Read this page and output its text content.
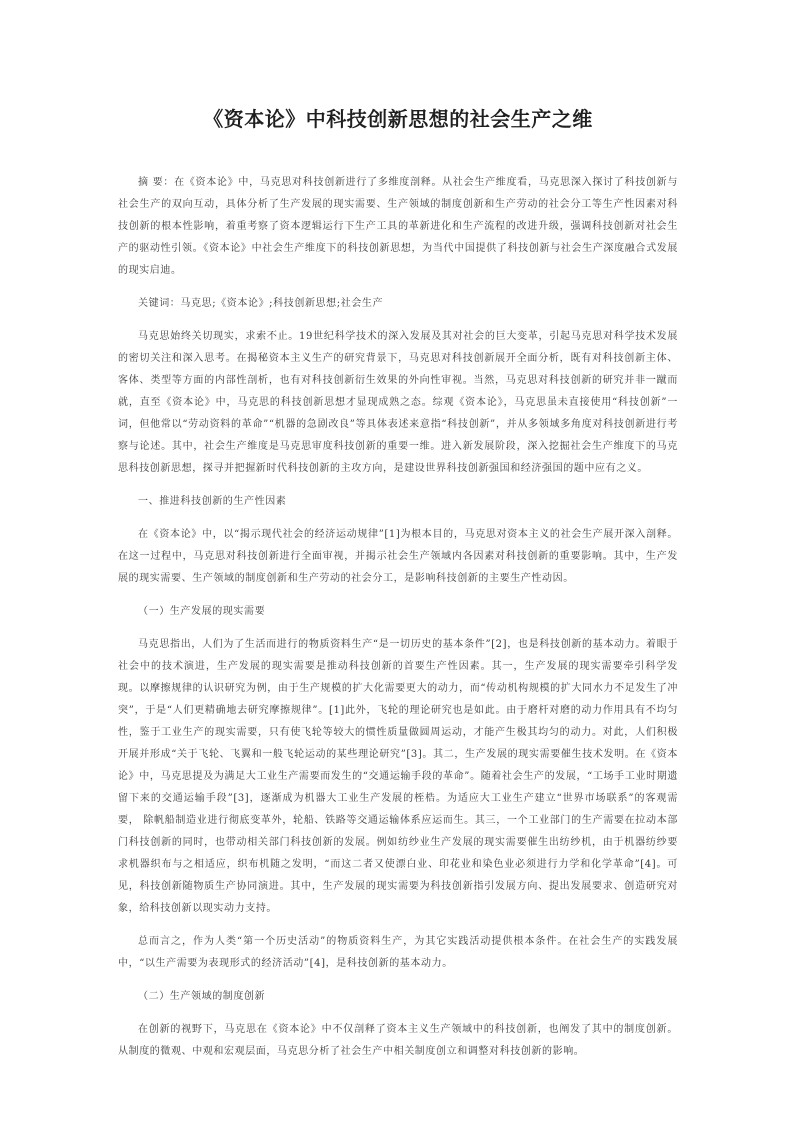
《资本论》中科技创新思想的社会生产之维

摘 要：在《资本论》中，马克思对科技创新进行了多维度剖释。从社会生产维度看，马克思深入探讨了科技创新与社会生产的双向互动，具体分析了生产发展的现实需要、生产领域的制度创新和生产劳动的社会分工等生产性因素对科技创新的根本性影响，着重考察了资本逻辑运行下生产工具的革新进化和生产流程的改进升级，强调科技创新对社会生产的驱动性引领。《资本论》中社会生产维度下的科技创新思想，为当代中国提供了科技创新与社会生产深度融合式发展的现实启迪。

关键词：马克思;《资本论》;科技创新思想;社会生产

马克思始终关切现实，求索不止。19世纪科学技术的深入发展及其对社会的巨大变革，引起马克思对科学技术发展的密切关注和深入思考。在揭秘资本主义生产的研究背景下，马克思对科技创新展开全面分析，既有对科技创新主体、客体、类型等方面的内部性剖析，也有对科技创新衍生效果的外向性审视。当然，马克思对科技创新的研究并非一蹴而就，直至《资本论》中，马克思的科技创新思想才显现成熟之态。综观《资本论》，马克思虽未直接使用“科技创新”一词，但他常以“劳动资料的革命”“机器的急剧改良”等具体表述来意指“科技创新”，并从多领域多角度对科技创新进行考察与论述。其中，社会生产维度是马克思审度科技创新的重要一维。进入新发展阶段，深入挖掘社会生产维度下的马克思科技创新思想，探寻并把握新时代科技创新的主攻方向，是建设世界科技创新强国和经济强国的题中应有之义。

一、推进科技创新的生产性因素

在《资本论》中，以“揭示现代社会的经济运动规律”[1]为根本目的，马克思对资本主义的社会生产展开深入剖释。在这一过程中，马克思对科技创新进行全面审视，并揭示社会生产领域内各因素对科技创新的重要影响。其中，生产发展的现实需要、生产领域的制度创新和生产劳动的社会分工，是影响科技创新的主要生产性动因。

（一）生产发展的现实需要

马克思指出，人们为了生活而进行的物质资料生产“是一切历史的基本条件”[2]，也是科技创新的基本动力。着眼于社会中的技术演进，生产发展的现实需要是推动科技创新的首要生产性因素。其一，生产发展的现实需要牵引科学发现。以摩擦规律的认识研究为例，由于生产规模的扩大化需要更大的动力，而“传动机构规模的扩大同水力不足发生了冲突”，于是“人们更精确地去研究摩擦规律”。[1]此外，飞轮的理论研究也是如此。由于磨杆对磨的动力作用具有不均匀性，鉴于工业生产的现实需要，只有使飞轮等较大的惯性质量做圆周运动，才能产生极其均匀的动力。对此，人们积极开展并形成“关于飞轮、飞翼和一般飞轮运动的某些理论研究”[3]。其二，生产发展的现实需要催生技术发明。在《资本论》中，马克思提及为满足大工业生产需要而发生的“交通运输手段的革命”。随着社会生产的发展，“工场手工业时期遗留下来的交通运输手段”[3]，逐渐成为机器大工业生产发展的桎梏。为适应大工业生产建立“世界市场联系”的客观需要， 除帆船制造业进行彻底变革外，轮船、铁路等交通运输体系应运而生。其三，一个工业部门的生产需要在拉动本部门科技创新的同时，也带动相关部门科技创新的发展。例如纺纱业生产发展的现实需要催生出纺纱机，由于机器纺纱要求机器织布与之相适应，织布机随之发明，“而这二者又使漂白业、印花业和染色业必须进行力学和化学革命”[4]。可见，科技创新随物质生产协同演进。其中，生产发展的现实需要为科技创新指引发展方向、提出发展要求、创造研究对象，给科技创新以现实动力支持。

总而言之，作为人类“第一个历史活动”的物质资料生产，为其它实践活动提供根本条件。在社会生产的实践发展中，“以生产需要为表现形式的经济活动”[4]，是科技创新的基本动力。

（二）生产领域的制度创新

在创新的视野下，马克思在《资本论》中不仅剖释了资本主义生产领域中的科技创新，也阐发了其中的制度创新。从制度的微观、中观和宏观层面，马克思分析了社会生产中相关制度创立和调整对科技创新的影响。
